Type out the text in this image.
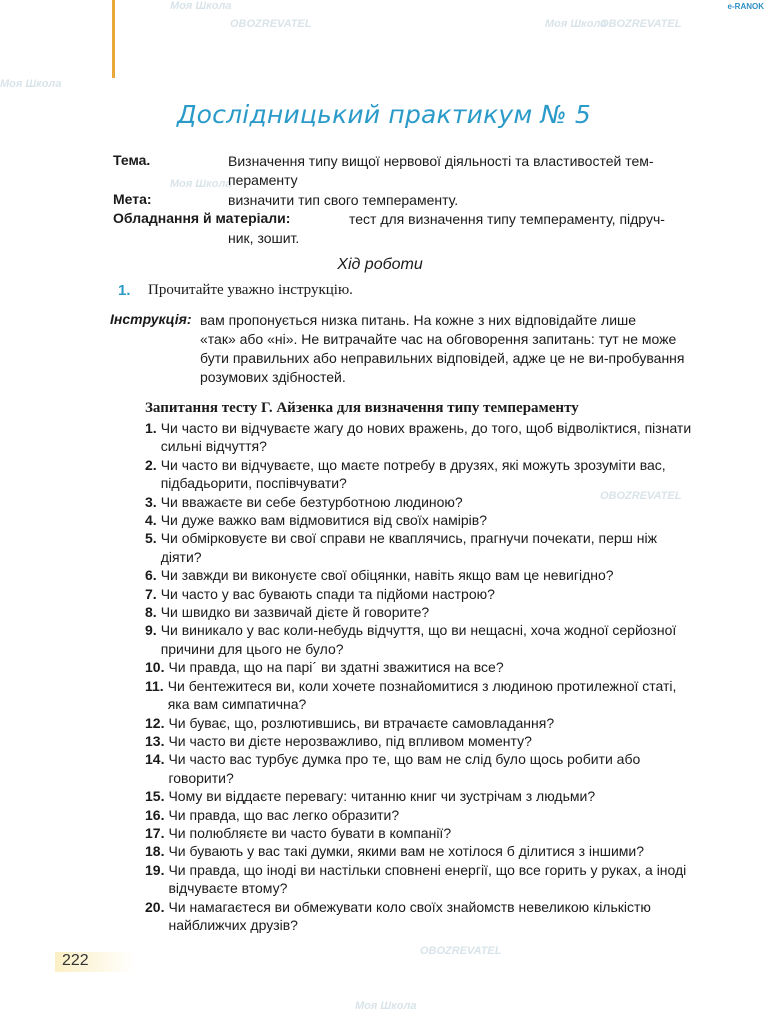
e-RANOK
Моя Школа
OBOZREVATEL	Моя Школа
OBOZREVATEL
Моя Школа
Моя Школа
OBOZREVATEL
OBOZREVATEL
Моя Школа
Дослідницький практикум № 5
Тема.	Визначення типу вищої нервової діяльності та властивостей тем-
пераменту
Мета:	визначити тип свого темпераменту.
Обладнання й матеріали:	тест для визначення типу темпераменту, підруч-
ник, зошит.
Хід роботи
1. Прочитайте уважно інструкцію.
Інструкція: вам пропонується низка питань. На кожне з них відповідайте лише
«так» або «ні». Не витрачайте час на обговорення запитань: тут не може бути правильних або неправильних відповідей, адже це не ви-пробування розумових здібностей.
Запитання тесту Г. Айзенка для визначення типу темпераменту
1. Чи часто ви відчуваєте жагу до нових вражень, до того, щоб відволіктися, пізнати сильні відчуття?
2. Чи часто ви відчуваєте, що маєте потребу в друзях, які можуть зрозуміти вас, підбадьорити, поспівчувати?
3. Чи вважаєте ви себе безтурботною людиною?
4. Чи дуже важко вам відмовитися від своїх намірів?
5. Чи обмірковуєте ви свої справи не кваплячись, прагнучи почекати, перш ніж діяти?
6. Чи завжди ви виконуєте свої обіцянки, навіть якщо вам це невигідно?
7. Чи часто у вас бувають спади та підйоми настрою?
8. Чи швидко ви зазвичай дієте й говорите?
9. Чи виникало у вас коли-небудь відчуття, що ви нещасні, хоча жодної серйозної причини для цього не було?
10. Чи правда, що на парі´ ви здатні зважитися на все?
11. Чи бентежитеся ви, коли хочете познайомитися з людиною протилежної статі, яка вам симпатична?
12. Чи буває, що, розлютившись, ви втрачаєте самовладання?
13. Чи часто ви дієте нерозважливо, під впливом моменту?
14. Чи часто вас турбує думка про те, що вам не слід було щось робити або говорити?
15. Чому ви віддаєте перевагу: читанню книг чи зустрічам з людьми?
16. Чи правда, що вас легко образити?
17. Чи полюбляєте ви часто бувати в компанії?
18. Чи бувають у вас такі думки, якими вам не хотілося б ділитися з іншими?
19. Чи правда, що іноді ви настільки сповнені енергії, що все горить у руках, а іноді відчуваєте втому?
20. Чи намагаєтеся ви обмежувати коло своїх знайомств невеликою кількістю найближчих друзів?
222
